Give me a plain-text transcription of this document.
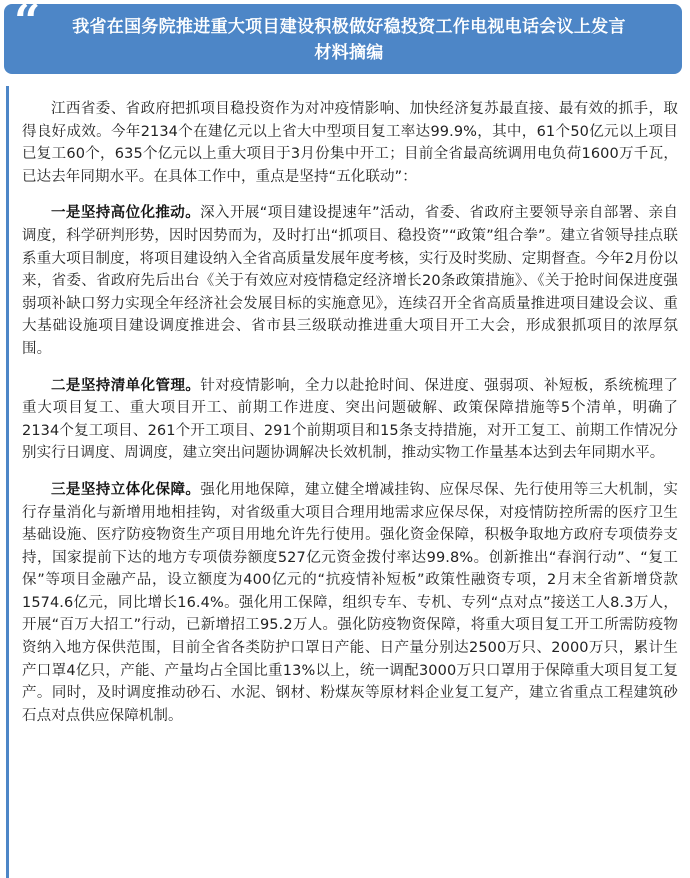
“	我省在国务院推进重大项目建设积极做好稳投资工作电视电话会议上发言
材料摘编

江西省委、省政府把抓项目稳投资作为对冲疫情影响、加快经济复苏最直接、最有效的抓手，取得良好成效。今年2134个在建亿元以上省大中型项目复工率达99.9%，其中，61个50亿元以上项目已复工60个，635个亿元以上重大项目于3月份集中开工；目前全省最高统调用电负荷1600万千瓦，已达去年同期水平。在具体工作中，重点是坚持“五化联动”：

一是坚持高位化推动。深入开展“项目建设提速年”活动，省委、省政府主要领导亲自部署、亲自调度，科学研判形势，因时因势而为，及时打出“抓项目、稳投资”“政策”组合拳”。建立省领导挂点联系重大项目制度，将项目建设纳入全省高质量发展年度考核，实行及时奖励、定期督查。今年2月份以来，省委、省政府先后出台《关于有效应对疫情稳定经济增长20条政策措施》、《关于抢时间保进度强弱项补缺口努力实现全年经济社会发展目标的实施意见》，连续召开全省高质量推进项目建设会议、重大基础设施项目建设调度推进会、省市县三级联动推进重大项目开工大会，形成狠抓项目的浓厚氛围。

二是坚持清单化管理。针对疫情影响，全力以赴抢时间、保进度、强弱项、补短板，系统梳理了重大项目复工、重大项目开工、前期工作进度、突出问题破解、政策保障措施等5个清单，明确了2134个复工项目、261个开工项目、291个前期项目和15条支持措施，对开工复工、前期工作情况分别实行日调度、周调度，建立突出问题协调解决长效机制，推动实物工作量基本达到去年同期水平。

三是坚持立体化保障。强化用地保障，建立健全增减挂钩、应保尽保、先行使用等三大机制，实行存量消化与新增用地相挂钩，对省级重大项目合理用地需求应保尽保，对疫情防控所需的医疗卫生基础设施、医疗防疫物资生产项目用地允许先行使用。强化资金保障，积极争取地方政府专项债券支持，国家提前下达的地方专项债券额度527亿元资金拨付率达99.8%。创新推出“春润行动”、“复工保”等项目金融产品，设立额度为400亿元的“抗疫情补短板”政策性融资专项，2月末全省新增贷款1574.6亿元，同比增长16.4%。强化用工保障，组织专车、专机、专列“点对点”接送工人8.3万人，开展“百万大招工”行动，已新增招工95.2万人。强化防疫物资保障，将重大项目复工开工所需防疫物资纳入地方保供范围，目前全省各类防护口罩日产能、日产量分别达2500万只、2000万只，累计生产口罩4亿只，产能、产量均占全国比重13%以上，统一调配3000万只口罩用于保障重大项目复工复产。同时，及时调度推动砂石、水泥、钢材、粉煤灰等原材料企业复工复产，建立省重点工程建筑砂石点对点供应保障机制。
